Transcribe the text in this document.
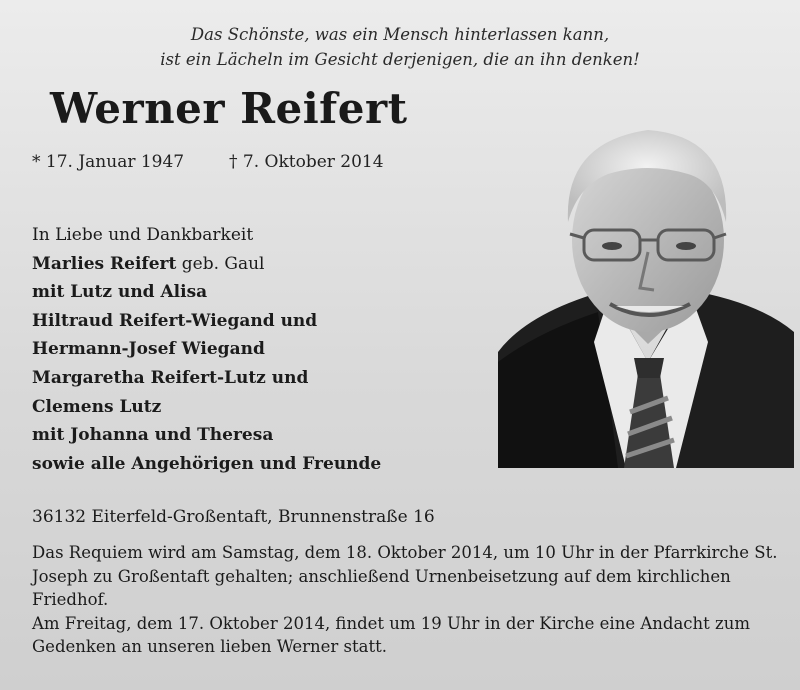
Das Schönste, was ein Mensch hinterlassen kann,
ist ein Lächeln im Gesicht derjenigen, die an ihn denken!
Werner Reifert
* 17. Januar 1947	† 7. Oktober 2014
In Liebe und Dankbarkeit
Marlies Reifert geb. Gaul
mit Lutz und Alisa
Hiltraud Reifert-Wiegand und
Hermann-Josef Wiegand
Margaretha Reifert-Lutz und
Clemens Lutz
mit Johanna und Theresa
sowie alle Angehörigen und Freunde
36132 Eiterfeld-Großentaft, Brunnenstraße 16

Das Requiem wird am Samstag, dem 18. Oktober 2014, um 10 Uhr in der Pfarrkirche St. Joseph zu Großentaft gehalten; anschließend Urnenbeisetzung auf dem kirchlichen Friedhof.

Am Freitag, dem 17. Oktober 2014, findet um 19 Uhr in der Kirche eine Andacht zum Gedenken an unseren lieben Werner statt.
